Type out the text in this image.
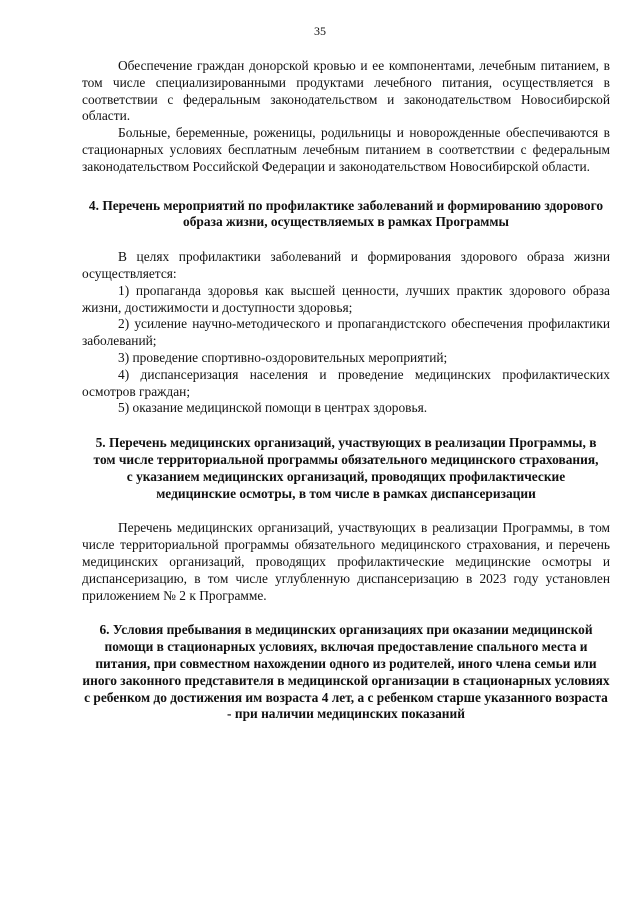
35

Обеспечение граждан донорской кровью и ее компонентами, лечебным питанием, в том числе специализированными продуктами лечебного питания, осуществляется в соответствии с федеральным законодательством и законодательством Новосибирской области.

Больные, беременные, роженицы, родильницы и новорожденные обеспечиваются в стационарных условиях бесплатным лечебным питанием в соответствии с федеральным законодательством Российской Федерации и законодательством Новосибирской области.

4. Перечень мероприятий по профилактике заболеваний и формированию здорового образа жизни, осуществляемых в рамках Программы

В целях профилактики заболеваний и формирования здорового образа жизни осуществляется:

1) пропаганда здоровья как высшей ценности, лучших практик здорового образа жизни, достижимости и доступности здоровья;

2) усиление научно-методического и пропагандистского обеспечения профилактики заболеваний;

3) проведение спортивно-оздоровительных мероприятий;

4) диспансеризация населения и проведение медицинских профилактических осмотров граждан;

5) оказание медицинской помощи в центрах здоровья.

5. Перечень медицинских организаций, участвующих в реализации Программы, в том числе территориальной программы обязательного медицинского страхования, с указанием медицинских организаций, проводящих профилактические медицинские осмотры, в том числе в рамках диспансеризации

Перечень медицинских организаций, участвующих в реализации Программы, в том числе территориальной программы обязательного медицинского страхования, и перечень медицинских организаций, проводящих профилактические медицинские осмотры и диспансеризацию, в том числе углубленную диспансеризацию в 2023 году установлен приложением № 2 к Программе.

6. Условия пребывания в медицинских организациях при оказании медицинской помощи в стационарных условиях, включая предоставление спального места и питания, при совместном нахождении одного из родителей, иного члена семьи или иного законного представителя в медицинской организации в стационарных условиях с ребенком до достижения им возраста 4 лет, а с ребенком старше указанного возраста - при наличии медицинских показаний
